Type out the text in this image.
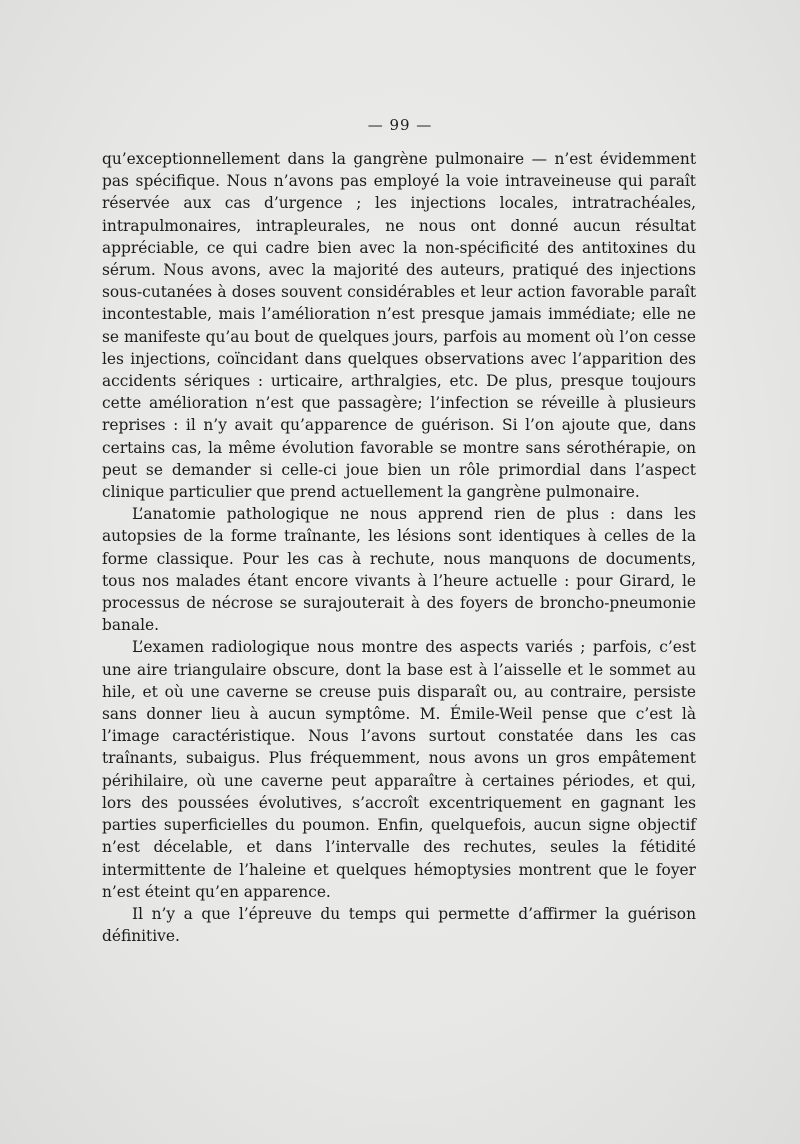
— 99 —

qu’exceptionnellement dans la gangrène pulmonaire — n’est évidemment pas spécifique. Nous n’avons pas employé la voie intraveineuse qui paraît réservée aux cas d’urgence ; les injections locales, intratrachéales, intrapulmonaires, intrapleurales, ne nous ont donné aucun résultat appréciable, ce qui cadre bien avec la non-spécificité des antitoxines du sérum. Nous avons, avec la majorité des auteurs, pratiqué des injections sous-cutanées à doses souvent considérables et leur action favorable paraît incontestable, mais l’amélioration n’est presque jamais immédiate; elle ne se manifeste qu’au bout de quelques jours, parfois au moment où l’on cesse les injections, coïncidant dans quelques observations avec l’apparition des accidents sériques : urticaire, arthralgies, etc. De plus, presque toujours cette amélioration n’est que passagère; l’infection se réveille à plusieurs reprises : il n’y avait qu’apparence de guérison. Si l’on ajoute que, dans certains cas, la même évolution favorable se montre sans sérothérapie, on peut se demander si celle-ci joue bien un rôle primordial dans l’aspect clinique particulier que prend actuellement la gangrène pulmonaire.

L’anatomie pathologique ne nous apprend rien de plus : dans les autopsies de la forme traînante, les lésions sont identiques à celles de la forme classique. Pour les cas à rechute, nous manquons de documents, tous nos malades étant encore vivants à l’heure actuelle : pour Girard, le processus de nécrose se surajouterait à des foyers de broncho-pneumonie banale.

L’examen radiologique nous montre des aspects variés ; parfois, c’est une aire triangulaire obscure, dont la base est à l’aisselle et le sommet au hile, et où une caverne se creuse puis disparaît ou, au contraire, persiste sans donner lieu à aucun symptôme. M. Émile-Weil pense que c’est là l’image caractéristique. Nous l’avons surtout constatée dans les cas traînants, subaigus. Plus fréquemment, nous avons un gros empâtement périhilaire, où une caverne peut apparaître à certaines périodes, et qui, lors des poussées évolutives, s’accroît excentriquement en gagnant les parties superficielles du poumon. Enfin, quelquefois, aucun signe objectif n’est décelable, et dans l’intervalle des rechutes, seules la fétidité intermittente de l’haleine et quelques hémoptysies montrent que le foyer n’est éteint qu’en apparence.

Il n’y a que l’épreuve du temps qui permette d’affirmer la guérison définitive.
